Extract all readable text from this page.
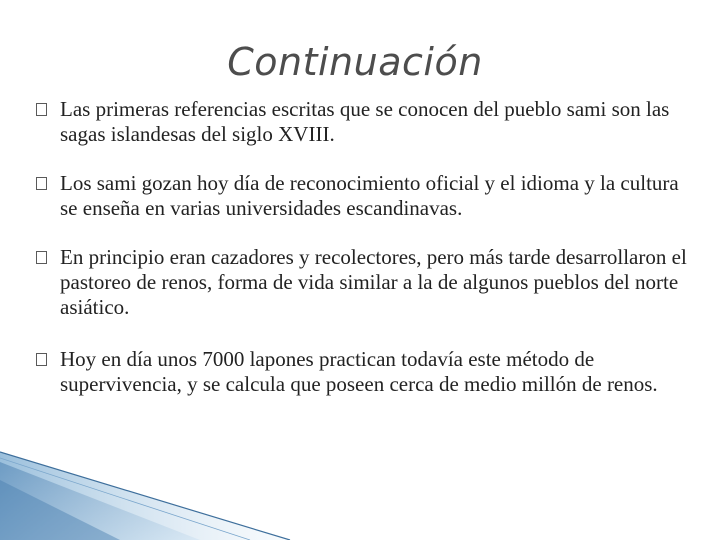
Continuación
Las primeras referencias escritas que se conocen del pueblo sami son las sagas islandesas del siglo XVIII.
Los sami gozan hoy día de reconocimiento oficial y el idioma y la cultura se enseña en varias universidades escandinavas.
En principio eran cazadores y recolectores, pero más tarde desarrollaron el pastoreo de renos, forma de vida similar a la de algunos pueblos del norte asiático.
Hoy en día unos 7000 lapones practican todavía este método de supervivencia, y se calcula que poseen cerca de medio millón de renos.
